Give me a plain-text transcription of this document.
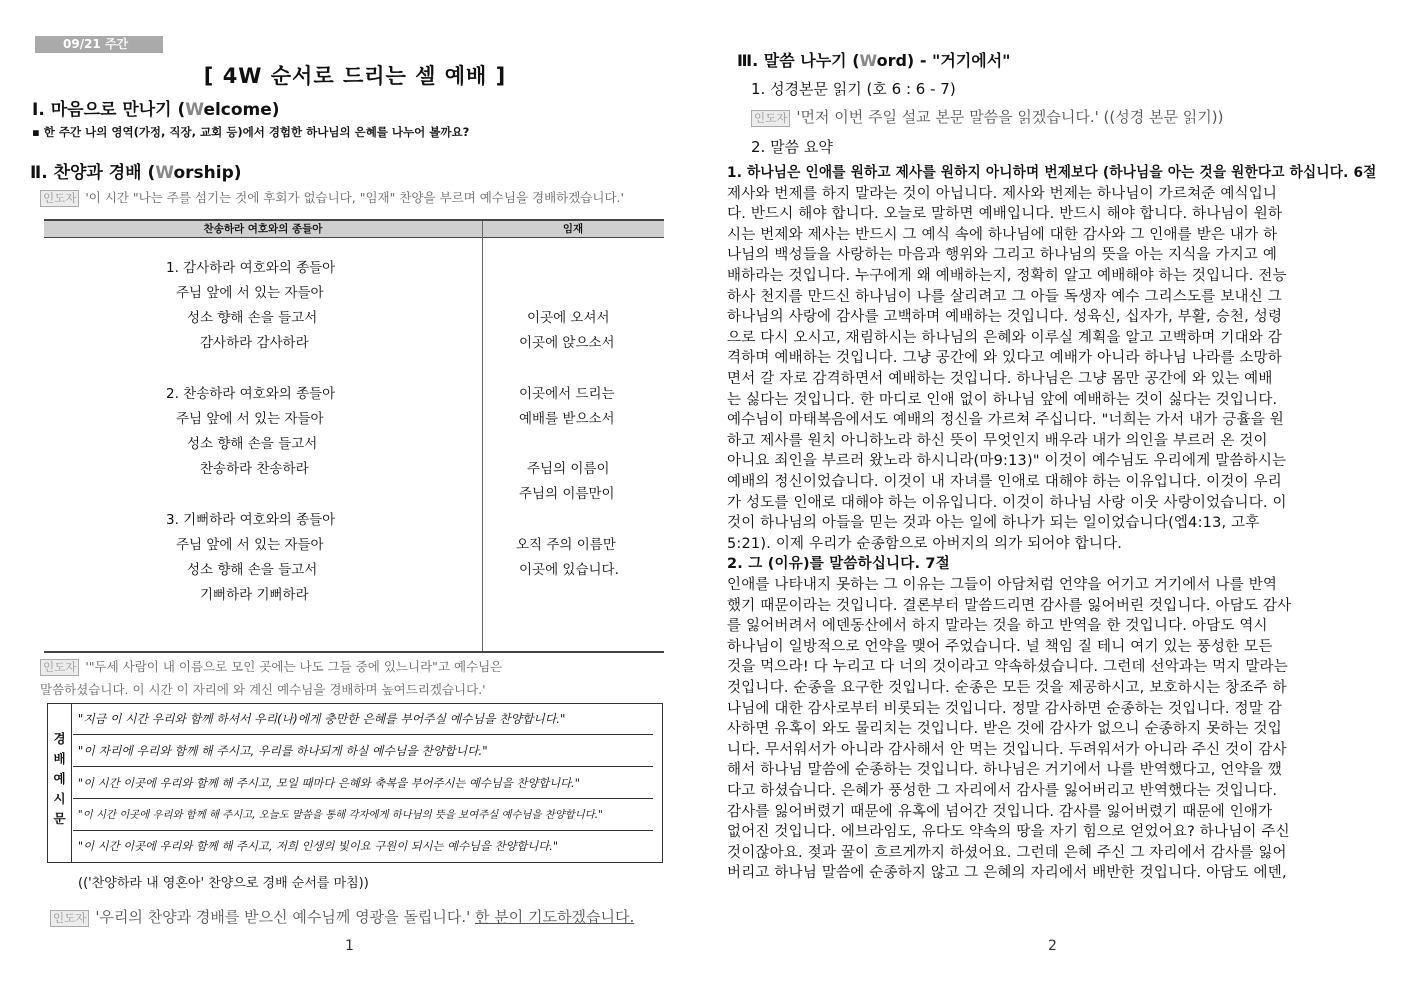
09/21 주간
[ 4W 순서로 드리는 셀 예배 ]
Ⅰ. 마음으로 만나기 (Welcome)
▪ 한 주간 나의 영역(가정, 직장, 교회 등)에서 경험한 하나님의 은혜를 나누어 볼까요?
Ⅱ. 찬양과 경배 (Worship)
인도자 '이 시간 "나는 주를 섬기는 것에 후회가 없습니다, "임재" 찬양을 부르며 예수님을 경배하겠습니다.'
찬송하라 여호와의 종들아	임재
1. 감사하라 여호와의 종들아
주님 앞에 서 있는 자들아
성소 향해 손을 들고서
감사하라 감사하라
2. 찬송하라 여호와의 종들아
주님 앞에 서 있는 자들아
성소 향해 손을 들고서
찬송하라 찬송하라
3. 기뻐하라 여호와의 종들아
주님 앞에 서 있는 자들아
성소 향해 손을 들고서
기뻐하라 기뻐하라
이곳에 오셔서
이곳에 앉으소서
이곳에서 드리는
예배를 받으소서
주님의 이름이
주님의 이름만이
오직 주의 이름만
이곳에 있습니다.
인도자 '"두세 사람이 내 이름으로 모인 곳에는 나도 그들 중에 있느니라"고 예수님은
말씀하셨습니다. 이 시간 이 자리에 와 계신 예수님을 경배하며 높여드리겠습니다.'
경
배
예
시
문
"지금 이 시간 우리와 함께 하셔서 우리(나)에게 충만한 은혜를 부어주실 예수님을 찬양합니다."
"이 자리에 우리와 함께 해 주시고, 우리를 하나되게 하실 예수님을 찬양합니다."
"이 시간 이곳에 우리와 함께 해 주시고, 모일 때마다 은혜와 축복을 부어주시는 예수님을 찬양합니다."
"이 시간 이곳에 우리와 함께 해 주시고, 오늘도 말씀을 통해 각자에게 하나님의 뜻을 보여주실 예수님을 찬양합니다."
"이 시간 이곳에 우리와 함께 해 주시고, 저희 인생의 빛이요 구원이 되시는 예수님을 찬양합니다."
(('찬양하라 내 영혼아' 찬양으로 경배 순서를 마침))
인도자 '우리의 찬양과 경배를 받으신 예수님께 영광을 돌립니다.' 한 분이 기도하겠습니다.
1
Ⅲ. 말씀 나누기 (Word) - "거기에서"
1. 성경본문 읽기 (호 6 : 6 - 7)
인도자 '먼저 이번 주일 설교 본문 말씀을 읽겠습니다.' ((성경 본문 읽기))
2. 말씀 요약
1. 하나님은 인애를 원하고 제사를 원하지 아니하며 번제보다 (하나님을 아는 것을 원한다고 하십니다. 6절
제사와 번제를 하지 말라는 것이 아닙니다. 제사와 번제는 하나님이 가르쳐준 예식입니
다. 반드시 해야 합니다. 오늘로 말하면 예배입니다. 반드시 해야 합니다. 하나님이 원하
시는 번제와 제사는 반드시 그 예식 속에 하나님에 대한 감사와 그 인애를 받은 내가 하
나님의 백성들을 사랑하는 마음과 행위와 그리고 하나님의 뜻을 아는 지식을 가지고 예
배하라는 것입니다. 누구에게 왜 예배하는지, 정확히 알고 예배해야 하는 것입니다. 전능
하사 천지를 만드신 하나님이 나를 살리려고 그 아들 독생자 예수 그리스도를 보내신 그
하나님의 사랑에 감사를 고백하며 예배하는 것입니다. 성육신, 십자가, 부활, 승천, 성령
으로 다시 오시고, 재림하시는 하나님의 은혜와 이루실 계획을 알고 고백하며 기대와 감
격하며 예배하는 것입니다. 그냥 공간에 와 있다고 예배가 아니라 하나님 나라를 소망하
면서 갈 자로 감격하면서 예배하는 것입니다. 하나님은 그냥 몸만 공간에 와 있는 예배
는 싫다는 것입니다. 한 마디로 인애 없이 하나님 앞에 예배하는 것이 싫다는 것입니다.
예수님이 마태복음에서도 예배의 정신을 가르쳐 주십니다. "너희는 가서 내가 긍휼을 원
하고 제사를 원치 아니하노라 하신 뜻이 무엇인지 배우라 내가 의인을 부르러 온 것이
아니요 죄인을 부르러 왔노라 하시니라(마9:13)" 이것이 예수님도 우리에게 말씀하시는
예배의 정신이었습니다. 이것이 내 자녀를 인애로 대해야 하는 이유입니다. 이것이 우리
가 성도를 인애로 대해야 하는 이유입니다. 이것이 하나님 사랑 이웃 사랑이었습니다. 이
것이 하나님의 아들을 믿는 것과 아는 일에 하나가 되는 일이었습니다(엡4:13, 고후
5:21). 이제 우리가 순종함으로 아버지의 의가 되어야 합니다.
2. 그 (이유)를 말씀하십니다. 7절
인애를 나타내지 못하는 그 이유는 그들이 아담처럼 언약을 어기고 거기에서 나를 반역
했기 때문이라는 것입니다. 결론부터 말씀드리면 감사를 잃어버린 것입니다. 아담도 감사
를 잃어버려서 에덴동산에서 하지 말라는 것을 하고 반역을 한 것입니다. 아담도 역시
하나님이 일방적으로 언약을 맺어 주었습니다. 널 책임 질 테니 여기 있는 풍성한 모든
것을 먹으라! 다 누리고 다 너의 것이라고 약속하셨습니다. 그런데 선악과는 먹지 말라는
것입니다. 순종을 요구한 것입니다. 순종은 모든 것을 제공하시고, 보호하시는 창조주 하
나님에 대한 감사로부터 비롯되는 것입니다. 정말 감사하면 순종하는 것입니다. 정말 감
사하면 유혹이 와도 물리치는 것입니다. 받은 것에 감사가 없으니 순종하지 못하는 것입
니다. 무서워서가 아니라 감사해서 안 먹는 것입니다. 두려워서가 아니라 주신 것이 감사
해서 하나님 말씀에 순종하는 것입니다. 하나님은 거기에서 나를 반역했다고, 언약을 깼
다고 하셨습니다. 은혜가 풍성한 그 자리에서 감사를 잃어버리고 반역했다는 것입니다.
감사를 잃어버렸기 때문에 유혹에 넘어간 것입니다. 감사를 잃어버렸기 때문에 인애가
없어진 것입니다. 에브라임도, 유다도 약속의 땅을 자기 힘으로 얻었어요? 하나님이 주신
것이잖아요. 젖과 꿀이 흐르게까지 하셨어요. 그런데 은혜 주신 그 자리에서 감사를 잃어
버리고 하나님 말씀에 순종하지 않고 그 은혜의 자리에서 배반한 것입니다. 아담도 에덴,
2
